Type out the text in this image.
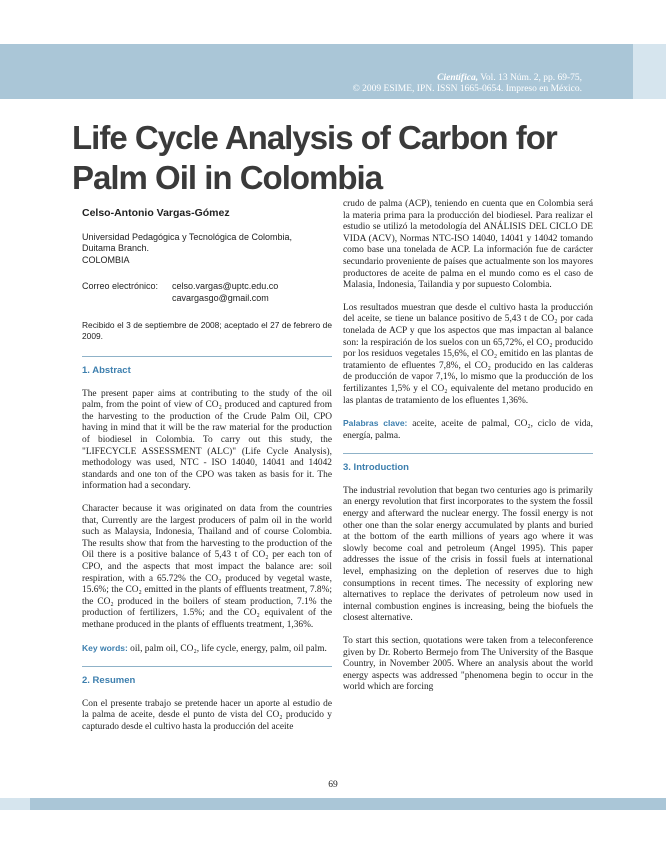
Científica, Vol. 13 Núm. 2, pp. 69-75,
© 2009 ESIME, IPN. ISSN 1665-0654. Impreso en México.
Life Cycle Analysis of Carbon for Palm Oil in Colombia
Celso-Antonio Vargas-Gómez
Universidad Pedagógica y Tecnológica de Colombia,
Duitama Branch.
COLOMBIA
Correo electrónico: celso.vargas@uptc.edu.co
cavargasgo@gmail.com
Recibido el 3 de septiembre de 2008; aceptado el 27 de febrero de 2009.
1. Abstract

The present paper aims at contributing to the study of the oil palm, from the point of view of CO₂ produced and captured from the harvesting to the production of the Crude Palm Oil, CPO having in mind that it will be the raw material for the production of biodiesel in Colombia. To carry out this study, the "LIFECYCLE ASSESSMENT (ALC)" (Life Cycle Analysis), methodology was used, NTC - ISO 14040, 14041 and 14042 standards and one ton of the CPO was taken as basis for it. The information had a secondary.

Character because it was originated on data from the countries that, Currently are the largest producers of palm oil in the world such as Malaysia, Indonesia, Thailand and of course Colombia. The results show that from the harvesting to the production of the Oil there is a positive balance of 5,43 t of CO₂ per each ton of CPO, and the aspects that most impact the balance are: soil respiration, with a 65.72% the CO₂ produced by vegetal waste, 15.6%; the CO₂ emitted in the plants of effluents treatment, 7.8%; the CO₂ produced in the boilers of steam production, 7.1% the production of fertilizers, 1.5%; and the CO₂ equivalent of the methane produced in the plants of effluents treatment, 1,36%.

Key words: oil, palm oil, CO₂, life cycle, energy, palm, oil palm.

2. Resumen

Con el presente trabajo se pretende hacer un aporte al estudio de la palma de aceite, desde el punto de vista del CO₂ producido y capturado desde el cultivo hasta la producción del aceite

crudo de palma (ACP), teniendo en cuenta que en Colombia será la materia prima para la producción del biodiesel. Para realizar el estudio se utilizó la metodología del ANÁLISIS DEL CICLO DE VIDA (ACV), Normas NTC-ISO 14040, 14041 y 14042 tomando como base una tonelada de ACP. La información fue de carácter secundario proveniente de países que actualmente son los mayores productores de aceite de palma en el mundo como es el caso de Malasia, Indonesia, Tailandia y por supuesto Colombia.

Los resultados muestran que desde el cultivo hasta la producción del aceite, se tiene un balance positivo de 5,43 t de CO₂ por cada tonelada de ACP y que los aspectos que mas impactan al balance son: la respiración de los suelos con un 65,72%, el CO₂ producido por los residuos vegetales 15,6%, el CO₂ emitido en las plantas de tratamiento de efluentes 7,8%, el CO₂ producido en las calderas de producción de vapor 7,1%, lo mismo que la producción de los fertilizantes 1,5% y el CO₂ equivalente del metano producido en las plantas de tratamiento de los efluentes 1,36%.

Palabras clave: aceite, aceite de palmal, CO₂, ciclo de vida, energía, palma.

3. Introduction

The industrial revolution that began two centuries ago is primarily an energy revolution that first incorporates to the system the fossil energy and afterward the nuclear energy. The fossil energy is not other one than the solar energy accumulated by plants and buried at the bottom of the earth millions of years ago where it was slowly become coal and petroleum (Angel 1995). This paper addresses the issue of the crisis in fossil fuels at international level, emphasizing on the depletion of reserves due to high consumptions in recent times. The necessity of exploring new alternatives to replace the derivates of petroleum now used in internal combustion engines is increasing, being the biofuels the closest alternative.

To start this section, quotations were taken from a teleconference given by Dr. Roberto Bermejo from The University of the Basque Country, in November 2005. Where an analysis about the world energy aspects was addressed "phenomena begin to occur in the world which are forcing

69
